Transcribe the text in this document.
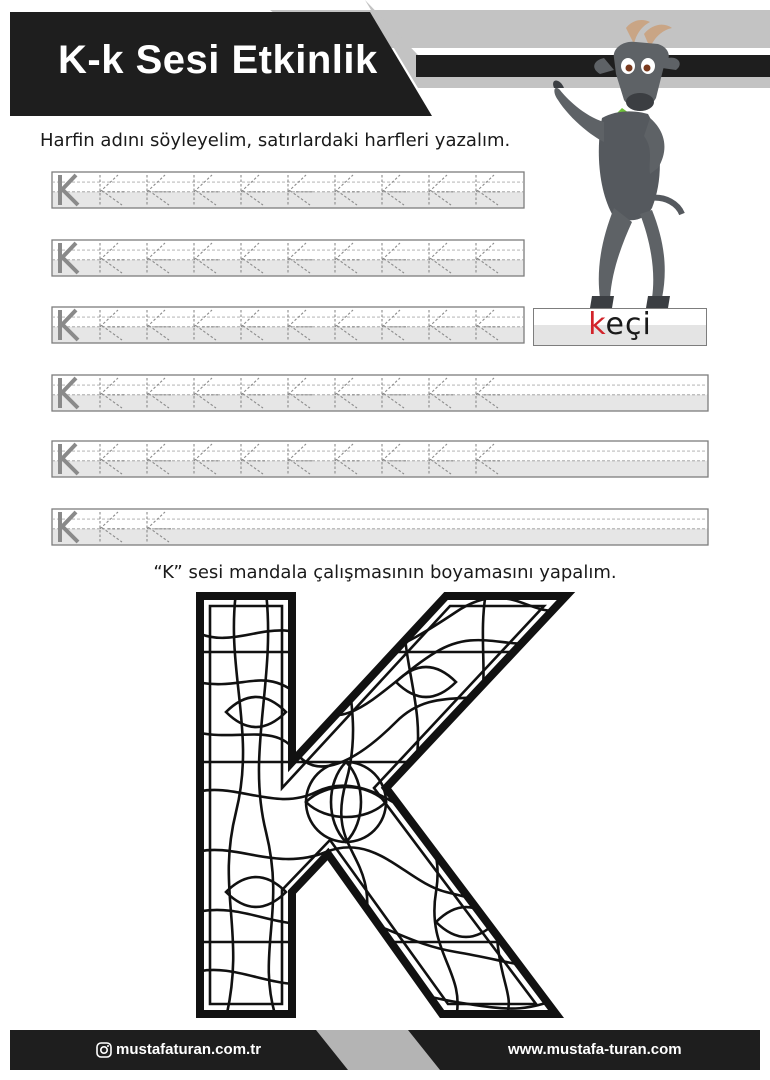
K-k Sesi Etkinlik
Harfin adını söyleyelim, satırlardaki harfleri yazalım.
keçi
“K” sesi mandala çalışmasının boyamasını yapalım.
mustafaturan.com.tr	www.mustafa-turan.com
